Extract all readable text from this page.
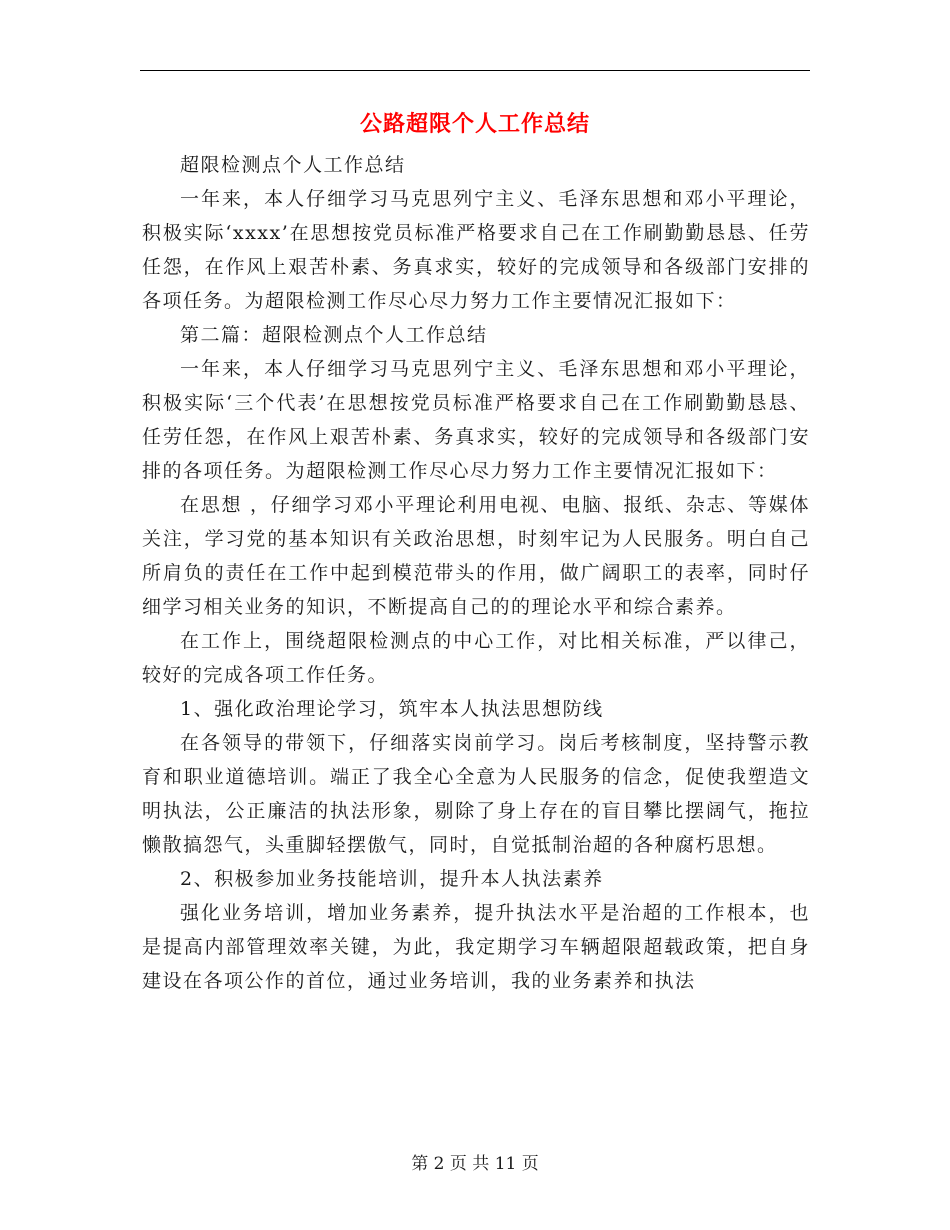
公路超限个人工作总结

超限检测点个人工作总结

一年来，本人仔细学习马克思列宁主义、毛泽东思想和邓小平理论，积极实际‘xxxx’在思想按党员标准严格要求自己在工作刷勤勤恳恳、任劳任怨，在作风上艰苦朴素、务真求实，较好的完成领导和各级部门安排的各项任务。为超限检测工作尽心尽力努力工作主要情况汇报如下：

第二篇：超限检测点个人工作总结

一年来，本人仔细学习马克思列宁主义、毛泽东思想和邓小平理论，积极实际‘三个代表’在思想按党员标准严格要求自己在工作刷勤勤恳恳、任劳任怨，在作风上艰苦朴素、务真求实，较好的完成领导和各级部门安排的各项任务。为超限检测工作尽心尽力努力工作主要情况汇报如下：

在思想 ，仔细学习邓小平理论利用电视、电脑、报纸、杂志、等媒体关注，学习党的基本知识有关政治思想，时刻牢记为人民服务。明白自己所肩负的责任在工作中起到模范带头的作用，做广阔职工的表率，同时仔细学习相关业务的知识，不断提高自己的的理论水平和综合素养。

在工作上，围绕超限检测点的中心工作，对比相关标准，严以律己，较好的完成各项工作任务。

1、强化政治理论学习，筑牢本人执法思想防线

在各领导的带领下，仔细落实岗前学习。岗后考核制度，坚持警示教育和职业道德培训。端正了我全心全意为人民服务的信念，促使我塑造文明执法，公正廉洁的执法形象，剔除了身上存在的盲目攀比摆阔气，拖拉懒散搞怨气，头重脚轻摆傲气，同时，自觉抵制治超的各种腐朽思想。

2、积极参加业务技能培训，提升本人执法素养

强化业务培训，增加业务素养，提升执法水平是治超的工作根本，也是提高内部管理效率关键，为此，我定期学习车辆超限超载政策，把自身建设在各项公作的首位，通过业务培训，我的业务素养和执法

第 2 页 共 11 页
